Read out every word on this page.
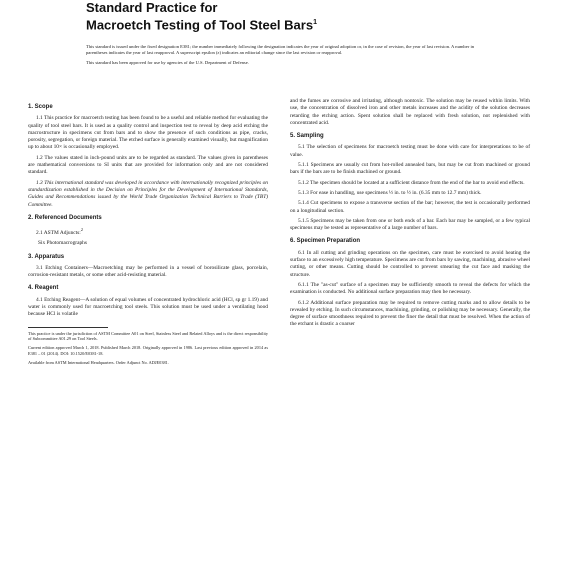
Standard Practice for
Macroetch Testing of Tool Steel Bars$^1$

This standard is issued under the fixed designation E381; the number immediately following the designation indicates the year of original adoption or, in the case of revision, the year of last revision. A number in parentheses indicates the year of last reapproval. A superscript epsilon (ε) indicates an editorial change since the last revision or reapproval.

This standard has been approved for use by agencies of the U.S. Department of Defense.

1. Scope

1.1 This practice for macroetch testing has been found to be a useful and reliable method for evaluating the quality of tool steel bars. It is used as a quality control and inspection test to reveal by deep acid etching the macrostructure in specimens cut from bars and to show the presence of such conditions as pipe, cracks, porosity, segregation, or foreign material. The etched surface is generally examined visually, but magnification up to about 10× is occasionally employed.

1.2 The values stated in inch-pound units are to be regarded as standard. The values given in parentheses are mathematical conversions to SI units that are provided for information only and are not considered standard.

1.3 This international standard was developed in accordance with internationally recognized principles on standardization established in the Decision on Principles for the Development of International Standards, Guides and Recommendations issued by the World Trade Organization Technical Barriers to Trade (TBT) Committee.

2. Referenced Documents

2.1 ASTM Adjuncts:$^2$

Six Photomacrographs
3. Apparatus

3.1 Etching Containers—Macroetching may be performed in a vessel of borosilicate glass, porcelain, corrosion-resistant metals, or some other acid-resisting material.

4. Reagent

4.1 Etching Reagent—A solution of equal volumes of concentrated hydrochloric acid (HCl, sp gr 1.19) and water is commonly used for macroetching tool steels. This solution must be used under a ventilating hood because HCl is volatile

This practice is under the jurisdiction of ASTM Committee A01 on Steel, Stainless Steel and Related Alloys and is the direct responsibility of Subcommittee A01.29 on Tool Steels.

Current edition approved March 1, 2018. Published March 2018. Originally approved in 1986. Last previous edition approved in 2014 as E381 – 01 (2014). DOI: 10.1520/E0381-18.

Available from ASTM International Headquarters. Order Adjunct No. ADJE0381.

and the fumes are corrosive and irritating, although nontoxic. The solution may be reused within limits. With use, the concentration of dissolved iron and other metals increases and the acidity of the solution decreases retarding the etching action. Spent solution shall be replaced with fresh solution, not replenished with concentrated acid.

5. Sampling

5.1 The selection of specimens for macroetch testing must be done with care for interpretations to be of value.

5.1.1 Specimens are usually cut from hot-rolled annealed bars, but may be cut from machined or ground bars if the bars are to be finish machined or ground.

5.1.2 The specimen should be located at a sufficient distance from the end of the bar to avoid end effects.

5.1.3 For ease in handling, use specimens ½ in. to ½ in. (6.35 mm to 12.7 mm) thick.

5.1.4 Cut specimens to expose a transverse section of the bar; however, the test is occasionally performed on a longitudinal section.

5.1.5 Specimens may be taken from one or both ends of a bar. Each bar may be sampled, or a few typical specimens may be tested as representative of a large number of bars.

6. Specimen Preparation

6.1 In all cutting and grinding operations on the specimen, care must be exercised to avoid heating the surface to an excessively high temperature. Specimens are cut from bars by sawing, machining, abrasive wheel cutting, or other means. Cutting should be controlled to prevent smearing the cut face and masking the structure.

6.1.1 The "as-cut" surface of a specimen may be sufficiently smooth to reveal the defects for which the examination is conducted. No additional surface preparation may then be necessary.

6.1.2 Additional surface preparation may be required to remove cutting marks and to allow details to be revealed by etching. In such circumstances, machining, grinding, or polishing may be necessary. Generally, the degree of surface smoothness required to prevent the finer the detail that must be resolved. When the action of the etchant is drastic a coarser
